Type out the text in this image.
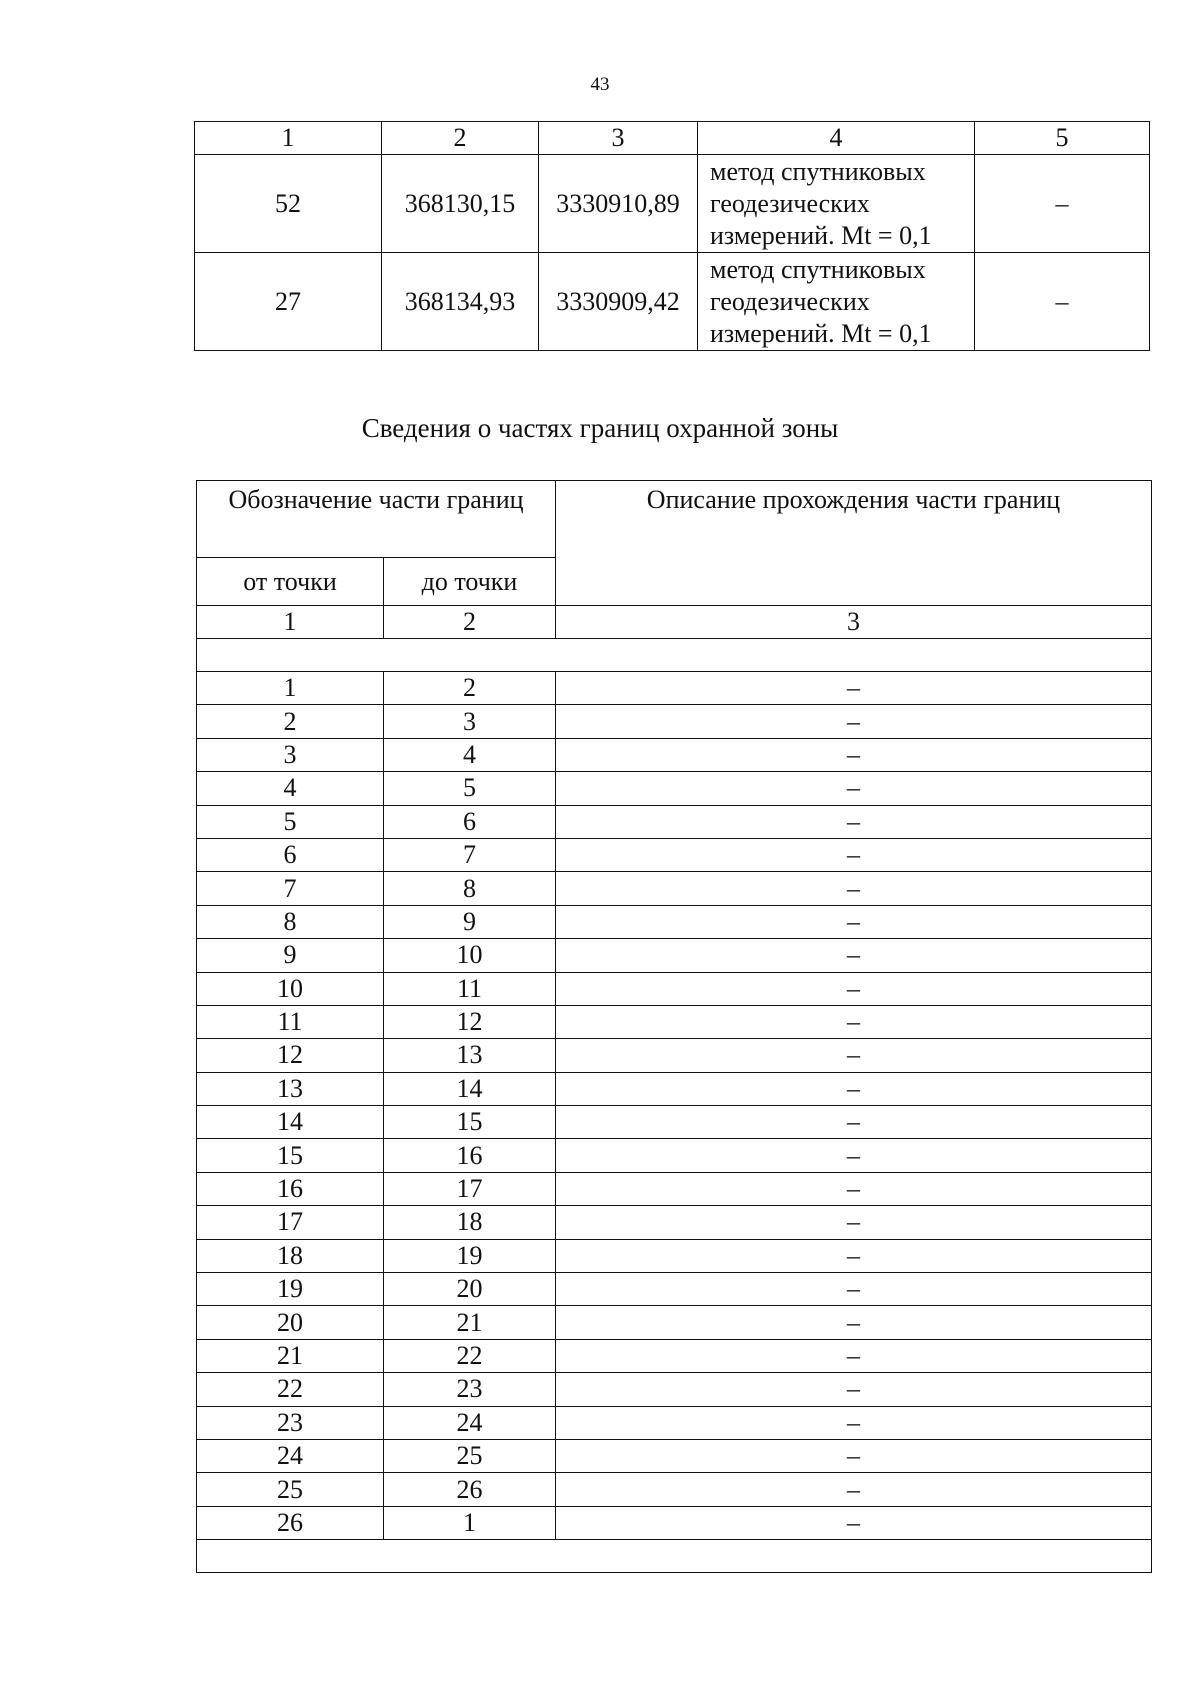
43
1	2	3	4	5
52	368130,15	3330910,89	метод спутниковых
геодезических
измерений. Mt = 0,1	–
27	368134,93	3330909,42	метод спутниковых
геодезических
измерений. Mt = 0,1	–
Сведения о частях границ охранной зоны
Обозначение части границ		Описание прохождения части границ
от точки	до точки	
1	2	3

1	2	–
2	3	–
3	4	–
4	5	–
5	6	–
6	7	–
7	8	–
8	9	–
9	10	–
10	11	–
11	12	–
12	13	–
13	14	–
14	15	–
15	16	–
16	17	–
17	18	–
18	19	–
19	20	–
20	21	–
21	22	–
22	23	–
23	24	–
24	25	–
25	26	–
26	1	–
